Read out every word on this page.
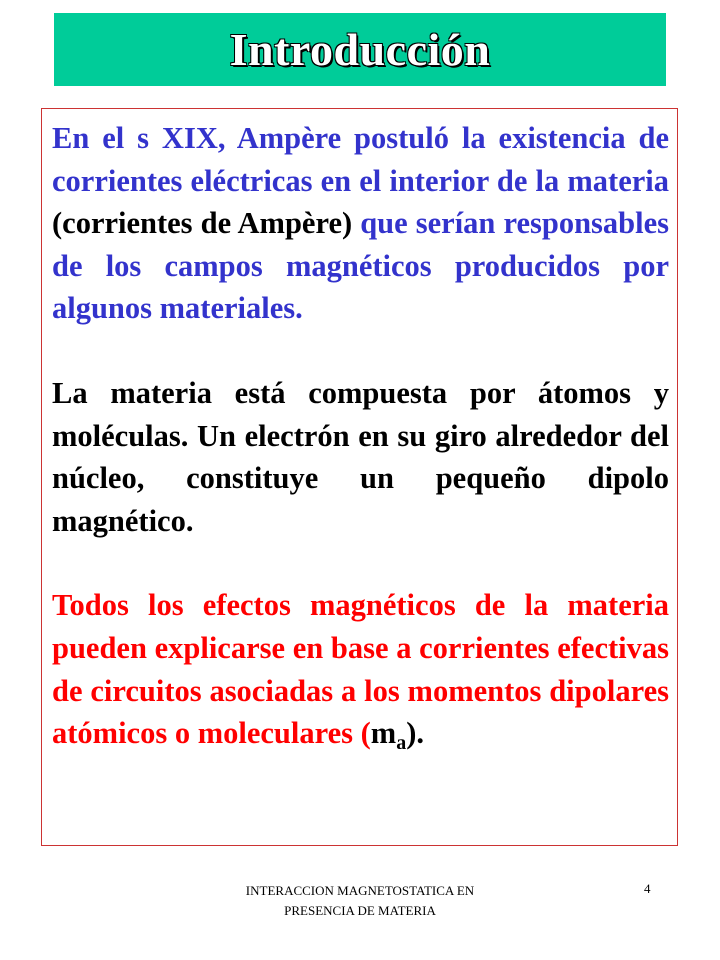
Introducción

En el s XIX, Ampère postuló la existencia de corrientes eléctricas en el interior de la materia (corrientes de Ampère) que serían responsables de los campos magnéticos producidos por algunos materiales.

La materia está compuesta por átomos y moléculas. Un electrón en su giro alrededor del núcleo, constituye un pequeño dipolo magnético.

Todos los efectos magnéticos de la materia pueden explicarse en base a corrientes efectivas de circuitos asociadas a los momentos dipolares atómicos o moleculares $(m_a)$.

INTERACCION MAGNETOSTATICA EN PRESENCIA DE MATERIA
4
